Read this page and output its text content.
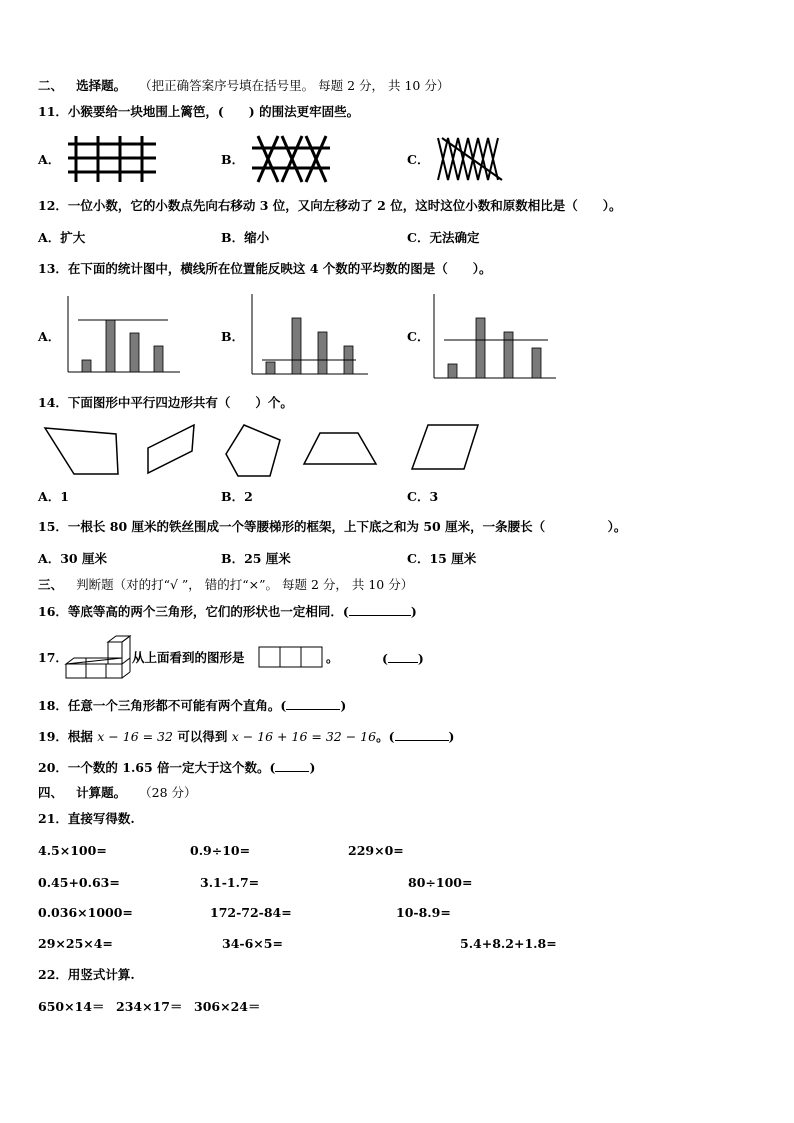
二、 选择题。 （把正确答案序号填在括号里。 每题 2 分， 共 10 分）
11．小猴要给一块地围上篱笆，(　　) 的围法更牢固些。
A．	B．	C．
12．一位小数，它的小数点先向右移动 3 位，又向左移动了 2 位，这时这位小数和原数相比是（　　）。
A．扩大	B．缩小	C．无法确定
13．在下面的统计图中，横线所在位置能反映这 4 个数的平均数的图是（　　）。
A．	B．	C．
14．下面图形中平行四边形共有（　　）个。
A．1	B．2	C．3
15．一根长 80 厘米的铁丝围成一个等腰梯形的框架，上下底之和为 50 厘米，一条腰长（　　　　　）。
A．30 厘米	B．25 厘米	C．15 厘米
三、 判断题（对的打“√ ”， 错的打“×”。 每题 2 分， 共 10 分）
16．等底等高的两个三角形，它们的形状也一定相同．(	)
17．	从上面看到的图形是	。	( )
18．任意一个三角形都不可能有两个直角。(	)
19．根据 x − 16 = 32 可以得到 x − 16 + 16 = 32 − 16。(	)
20．一个数的 1.65 倍一定大于这个数。(	)
四、 计算题。 （28 分）
21．直接写得数.
4.5×100=	0.9÷10=	229×0=
0.45+0.63=	3.1-1.7=	80÷100=
0.036×1000=	172-72-84=	10-8.9=
29×25×4=	34-6×5=	5.4+8.2+1.8=
22．用竖式计算.
650×14＝ 234×17＝ 306×24＝
